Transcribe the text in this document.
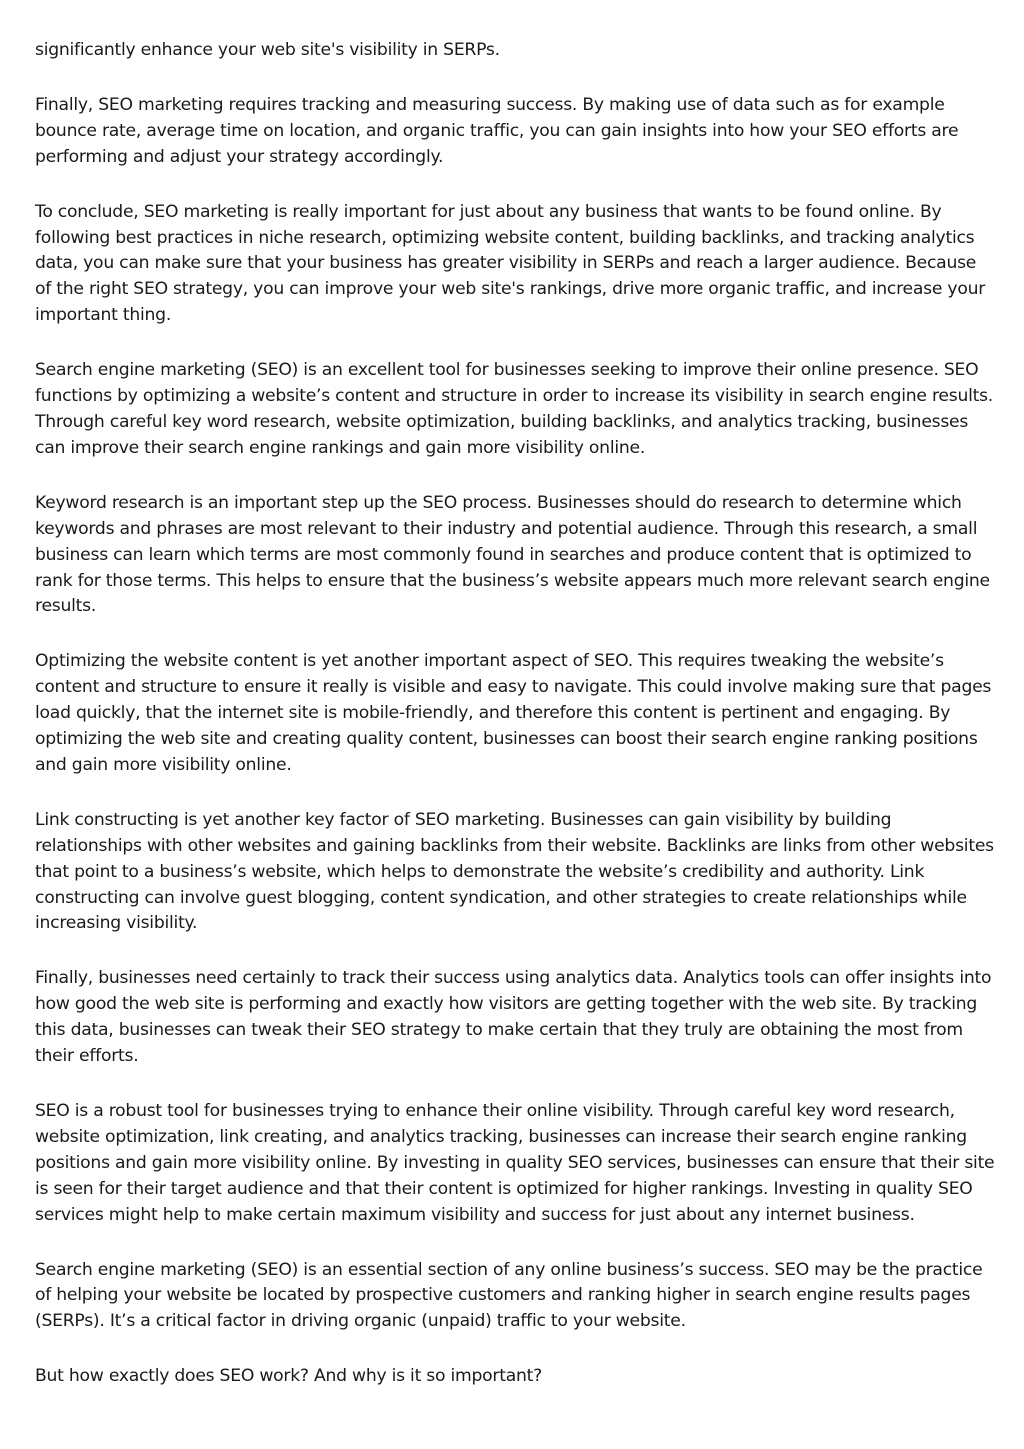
significantly enhance your web site's visibility in SERPs.

Finally, SEO marketing requires tracking and measuring success. By making use of data such as for example bounce rate, average time on location, and organic traffic, you can gain insights into how your SEO efforts are performing and adjust your strategy accordingly.

To conclude, SEO marketing is really important for just about any business that wants to be found online. By following best practices in niche research, optimizing website content, building backlinks, and tracking analytics data, you can make sure that your business has greater visibility in SERPs and reach a larger audience. Because of the right SEO strategy, you can improve your web site's rankings, drive more organic traffic, and increase your important thing.

Search engine marketing (SEO) is an excellent tool for businesses seeking to improve their online presence. SEO functions by optimizing a website’s content and structure in order to increase its visibility in search engine results. Through careful key word research, website optimization, building backlinks, and analytics tracking, businesses can improve their search engine rankings and gain more visibility online.

Keyword research is an important step up the SEO process. Businesses should do research to determine which keywords and phrases are most relevant to their industry and potential audience. Through this research, a small business can learn which terms are most commonly found in searches and produce content that is optimized to rank for those terms. This helps to ensure that the business’s website appears much more relevant search engine results.

Optimizing the website content is yet another important aspect of SEO. This requires tweaking the website’s content and structure to ensure it really is visible and easy to navigate. This could involve making sure that pages load quickly, that the internet site is mobile-friendly, and therefore this content is pertinent and engaging. By optimizing the web site and creating quality content, businesses can boost their search engine ranking positions and gain more visibility online.

Link constructing is yet another key factor of SEO marketing. Businesses can gain visibility by building relationships with other websites and gaining backlinks from their website. Backlinks are links from other websites that point to a business’s website, which helps to demonstrate the website’s credibility and authority. Link constructing can involve guest blogging, content syndication, and other strategies to create relationships while increasing visibility.

Finally, businesses need certainly to track their success using analytics data. Analytics tools can offer insights into how good the web site is performing and exactly how visitors are getting together with the web site. By tracking this data, businesses can tweak their SEO strategy to make certain that they truly are obtaining the most from their efforts.

SEO is a robust tool for businesses trying to enhance their online visibility. Through careful key word research, website optimization, link creating, and analytics tracking, businesses can increase their search engine ranking positions and gain more visibility online. By investing in quality SEO services, businesses can ensure that their site is seen for their target audience and that their content is optimized for higher rankings. Investing in quality SEO services might help to make certain maximum visibility and success for just about any internet business.

Search engine marketing (SEO) is an essential section of any online business’s success. SEO may be the practice of helping your website be located by prospective customers and ranking higher in search engine results pages (SERPs). It’s a critical factor in driving organic (unpaid) traffic to your website.

But how exactly does SEO work? And why is it so important?
